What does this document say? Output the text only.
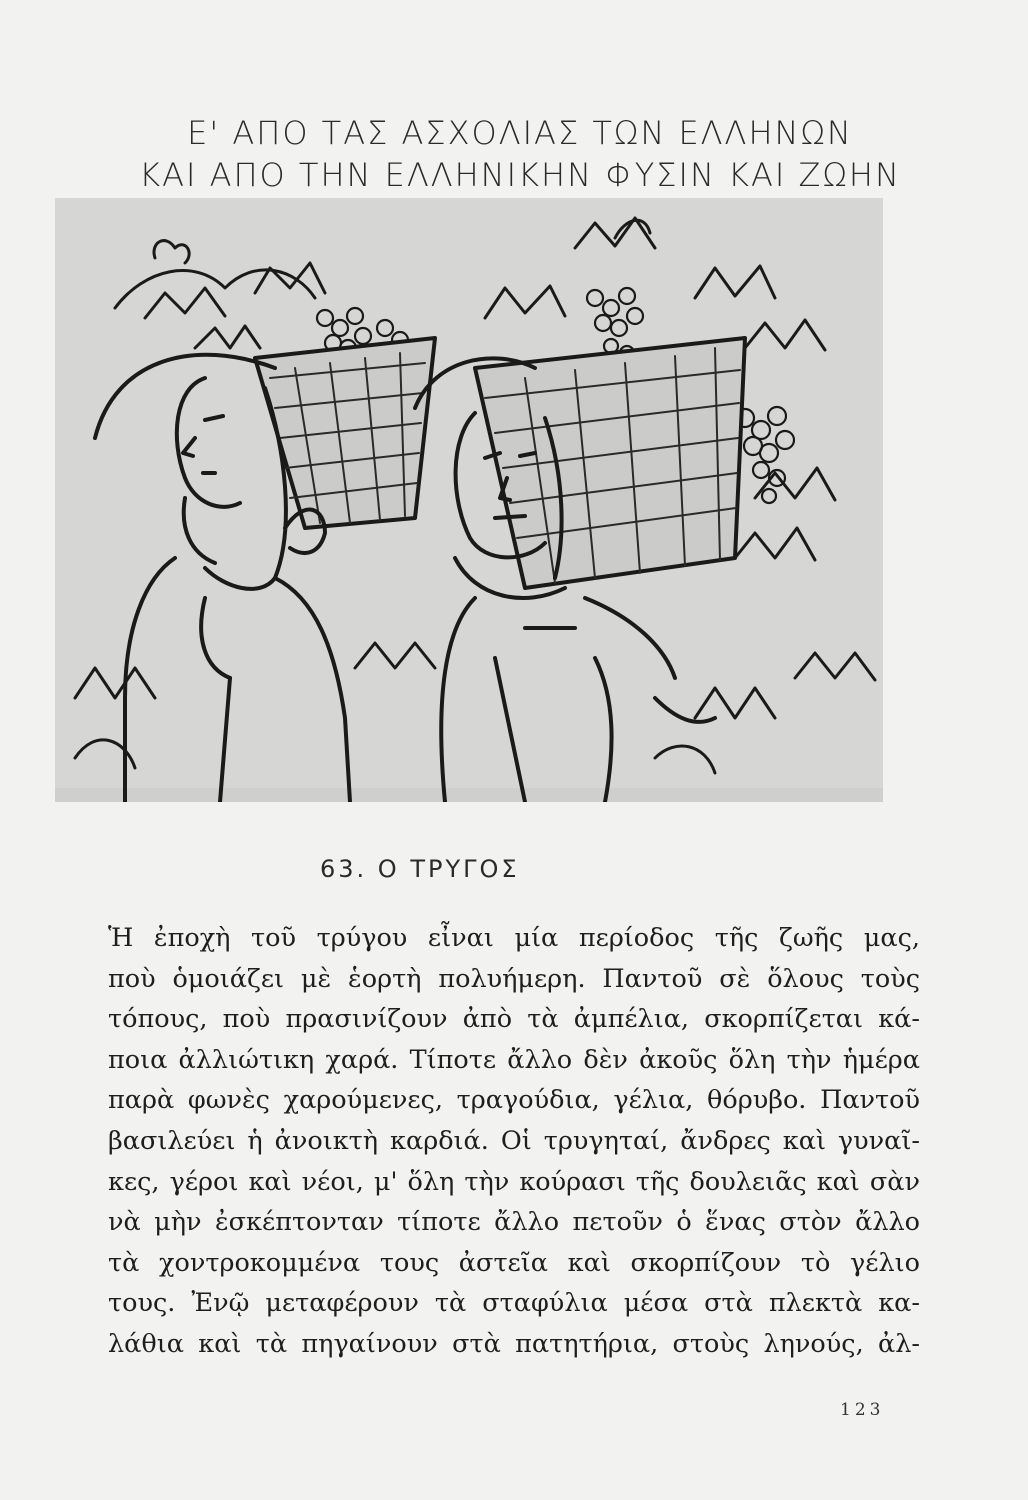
Ε' ΑΠΟ ΤΑΣ ΑΣΧΟΛΙΑΣ ΤΩΝ ΕΛΛΗΝΩΝ
ΚΑΙ ΑΠΟ ΤΗΝ ΕΛΛΗΝΙΚΗΝ ΦΥΣΙΝ ΚΑΙ ΖΩΗΝ
63. Ο ΤΡΥΓΟΣ
Ἡ ἐποχὴ τοῦ τρύγου εἶναι μία περίοδος τῆς ζωῆς μας,
ποὺ ὁμοιάζει μὲ ἑορτὴ πολυήμερη. Παντοῦ σὲ ὅλους τοὺς
τόπους, ποὺ πρασινίζουν ἀπὸ τὰ ἀμπέλια, σκορπίζεται κά-
ποια ἀλλιώτικη χαρά. Τίποτε ἄλλο δὲν ἀκοῦς ὅλη τὴν ἡμέρα
παρὰ φωνὲς χαρούμενες, τραγούδια, γέλια, θόρυβο. Παντοῦ
βασιλεύει ἡ ἀνοικτὴ καρδιά. Οἱ τρυγηταί, ἄνδρες καὶ γυναῖ-
κες, γέροι καὶ νέοι, μ' ὅλη τὴν κούρασι τῆς δουλειᾶς καὶ σὰν
νὰ μὴν ἐσκέπτονταν τίποτε ἄλλο πετοῦν ὁ ἕνας στὸν ἄλλο
τὰ χοντροκομμένα τους ἀστεῖα καὶ σκορπίζουν τὸ γέλιο
τους. Ἐνῷ μεταφέρουν τὰ σταφύλια μέσα στὰ πλεκτὰ κα-
λάθια καὶ τὰ πηγαίνουν στὰ πατητήρια, στοὺς ληνούς, ἀλ-
123
